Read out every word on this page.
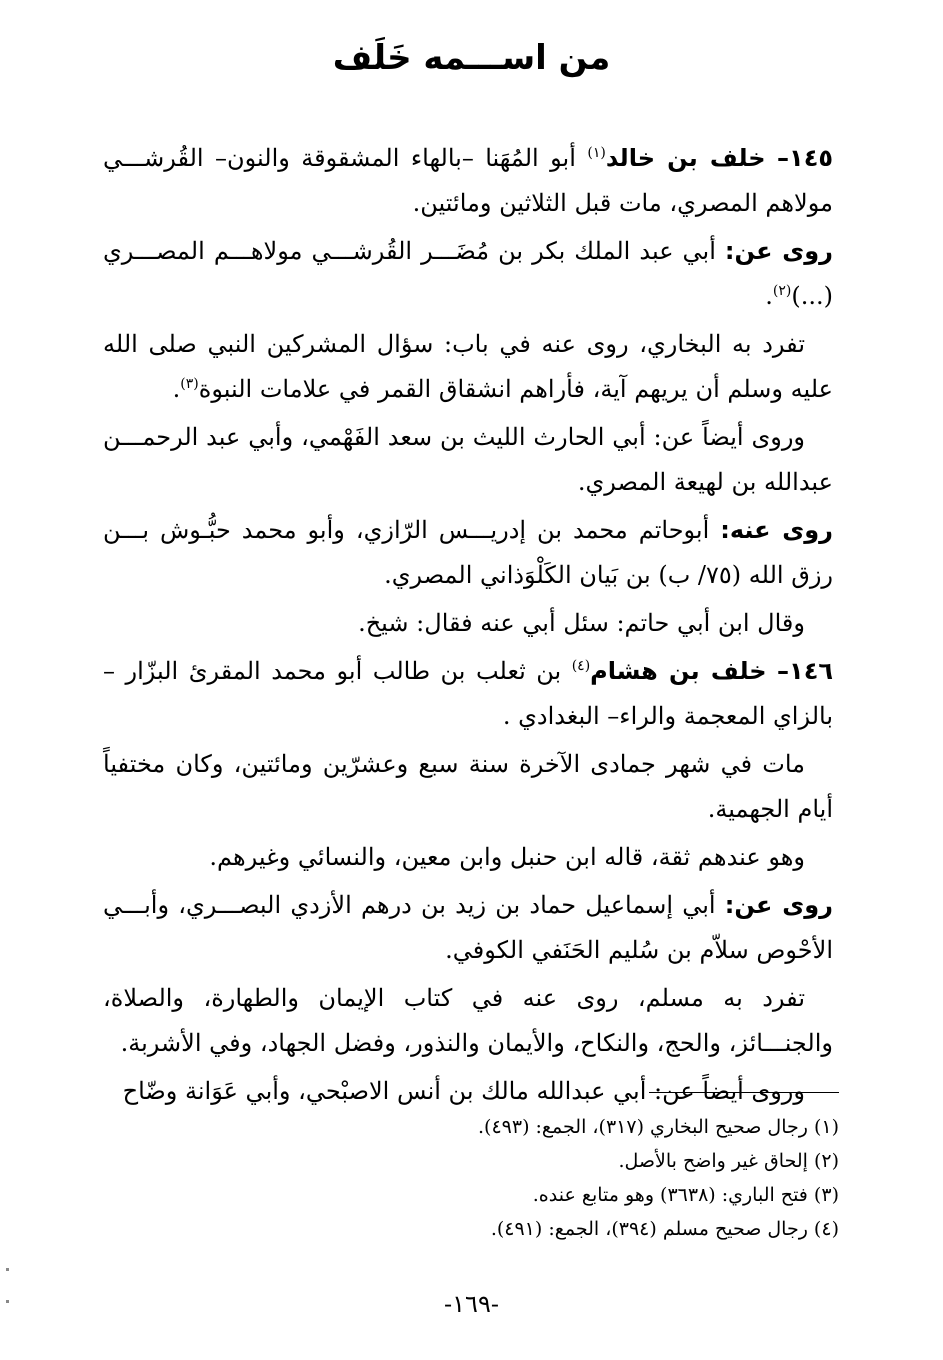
من اســـمه خَلَف

١٤٥– خلف بن خالد$^{(١)}$ أبو المُهَنا –بالهاء المشقوقة والنون– القُرشـــي مولاهم المصري، مات قبل الثلاثين ومائتين.

روى عن: أبي عبد الملك بكر بن مُضَـــر القُرشـــي مولاهـــم المصـــري (...)$^{(٢)}$.

تفرد به البخاري، روى عنه في باب: سؤال المشركين النبي صلى الله عليه وسلم أن يريهم آية، فأراهم انشقاق القمر في علامات النبوة$^{(٣)}$.

وروى أيضاً عن: أبي الحارث الليث بن سعد الفَهْمي، وأبي عبد الرحمـــن عبدالله بن لهيعة المصري.

روى عنه: أبوحاتم محمد بن إدريـــس الرّازي، وأبو محمد حبُّـوش بـــن رزق الله (٧٥/ ب) بن بَيان الكَلْوَذاني المصري.

وقال ابن أبي حاتم: سئل أبي عنه فقال: شيخ.

١٤٦– خلف بن هشام$^{(٤)}$ بن ثعلب بن طالب أبو محمد المقرئ البزّار – بالزاي المعجمة والراء– البغدادي .

مات في شهر جمادى الآخرة سنة سبع وعشرّين ومائتين، وكان مختفياً أيام الجهمية.

وهو عندهم ثقة، قاله ابن حنبل وابن معين، والنسائي وغيرهم.

روى عن: أبي إسماعيل حماد بن زيد بن درهم الأزدي البصـــري، وأبـــي الأحْوص سلاّم بن سُليم الحَنَفي الكوفي.

تفرد به مسلم، روى عنه في كتاب الإيمان والطهارة، والصلاة، والجنـــائز، والحج، والنكاح، والأيمان والنذور، وفضل الجهاد، وفي الأشربة.

وروى أيضاً عن: أبي عبدالله مالك بن أنس الاصبْحي، وأبي عَوَانة وضّاح

(١) رجال صحيح البخاري (٣١٧)، الجمع: (٤٩٣).

(٢) إلحاق غير واضح بالأصل.

(٣) فتح الباري: (٣٦٣٨) وهو متابع عنده.

(٤) رجال صحيح مسلم (٣٩٤)، الجمع: (٤٩١).

-١٦٩-
